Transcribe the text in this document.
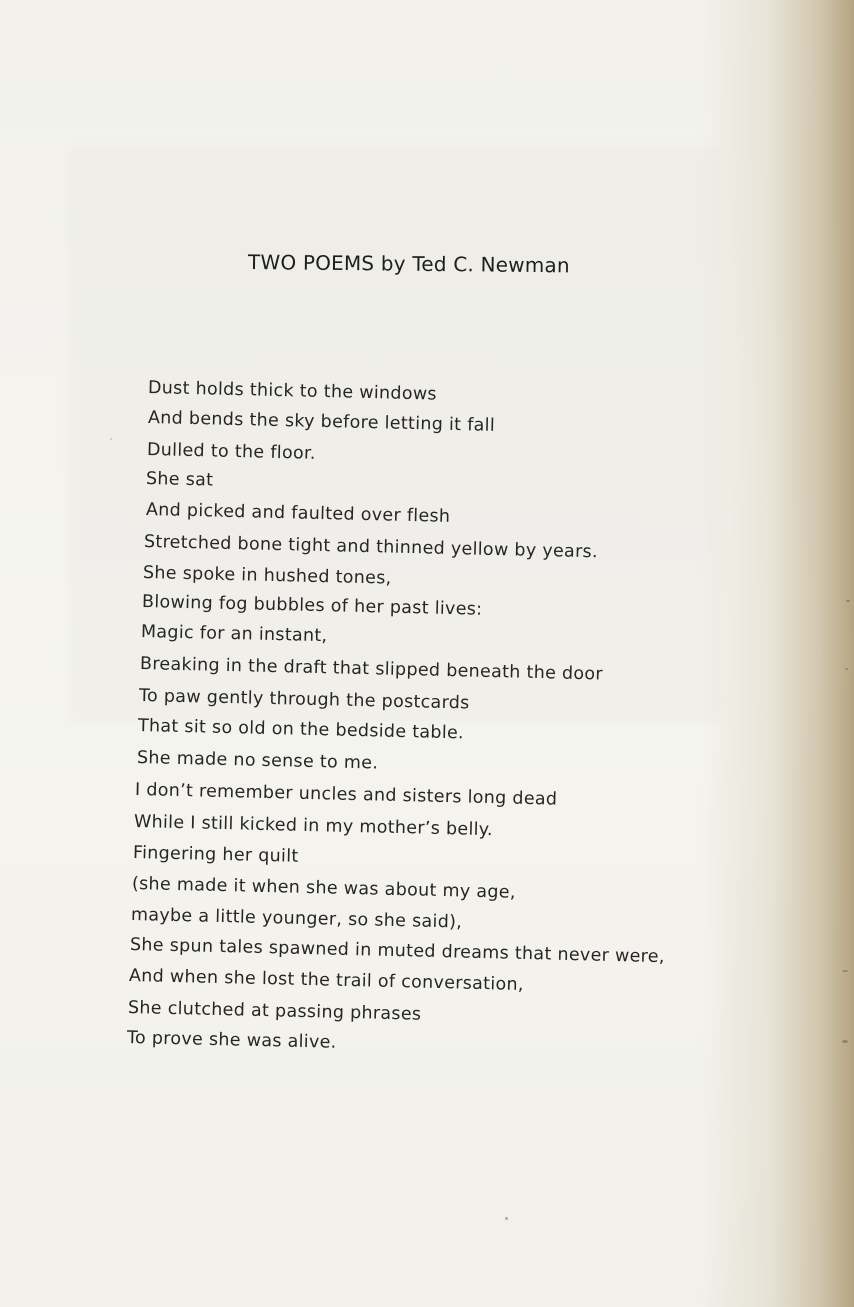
TWO POEMS by Ted C. Newman
Dust holds thick to the windows
And bends the sky before letting it fall
Dulled to the floor.
She sat
And picked and faulted over flesh
Stretched bone tight and thinned yellow by years.
She spoke in hushed tones,
Blowing fog bubbles of her past lives:
Magic for an instant,
Breaking in the draft that slipped beneath the door
To paw gently through the postcards
That sit so old on the bedside table.
She made no sense to me.
I don’t remember uncles and sisters long dead
While I still kicked in my mother’s belly.
Fingering her quilt
(she made it when she was about my age,
maybe a little younger, so she said),
She spun tales spawned in muted dreams that never were,
And when she lost the trail of conversation,
She clutched at passing phrases
To prove she was alive.
